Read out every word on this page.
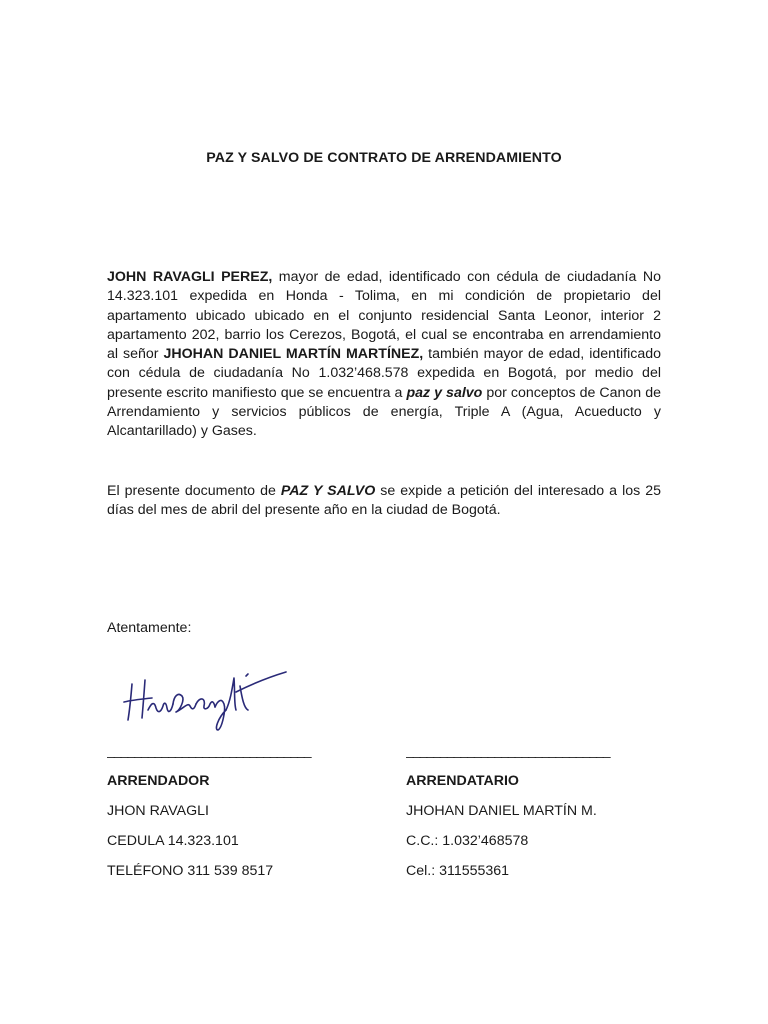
PAZ Y SALVO DE CONTRATO DE ARRENDAMIENTO

JOHN RAVAGLI PEREZ, mayor de edad, identificado con cédula de ciudadanía No 14.323.101 expedida en Honda - Tolima, en mi condición de propietario del apartamento ubicado ubicado en el conjunto residencial Santa Leonor, interior 2 apartamento 202, barrio los Cerezos, Bogotá, el cual se encontraba en arrendamiento al señor JHOHAN DANIEL MARTÍN MARTÍNEZ, también mayor de edad, identificado con cédula de ciudadanía No 1.032’468.578 expedida en Bogotá, por medio del presente escrito manifiesto que se encuentra a paz y salvo por conceptos de Canon de Arrendamiento y servicios públicos de energía, Triple A (Agua, Acueducto y Alcantarillado) y Gases.

El presente documento de PAZ Y SALVO se expide a petición del interesado a los 25 días del mes de abril del presente año en la ciudad de Bogotá.

Atentamente:
______________________________
ARRENDADOR
JHON RAVAGLI
CEDULA 14.323.101
TELÉFONO 311 539 8517
______________________________
ARRENDATARIO
JHOHAN DANIEL MARTÍN M.
C.C.: 1.032’468578
Cel.: 311555361
